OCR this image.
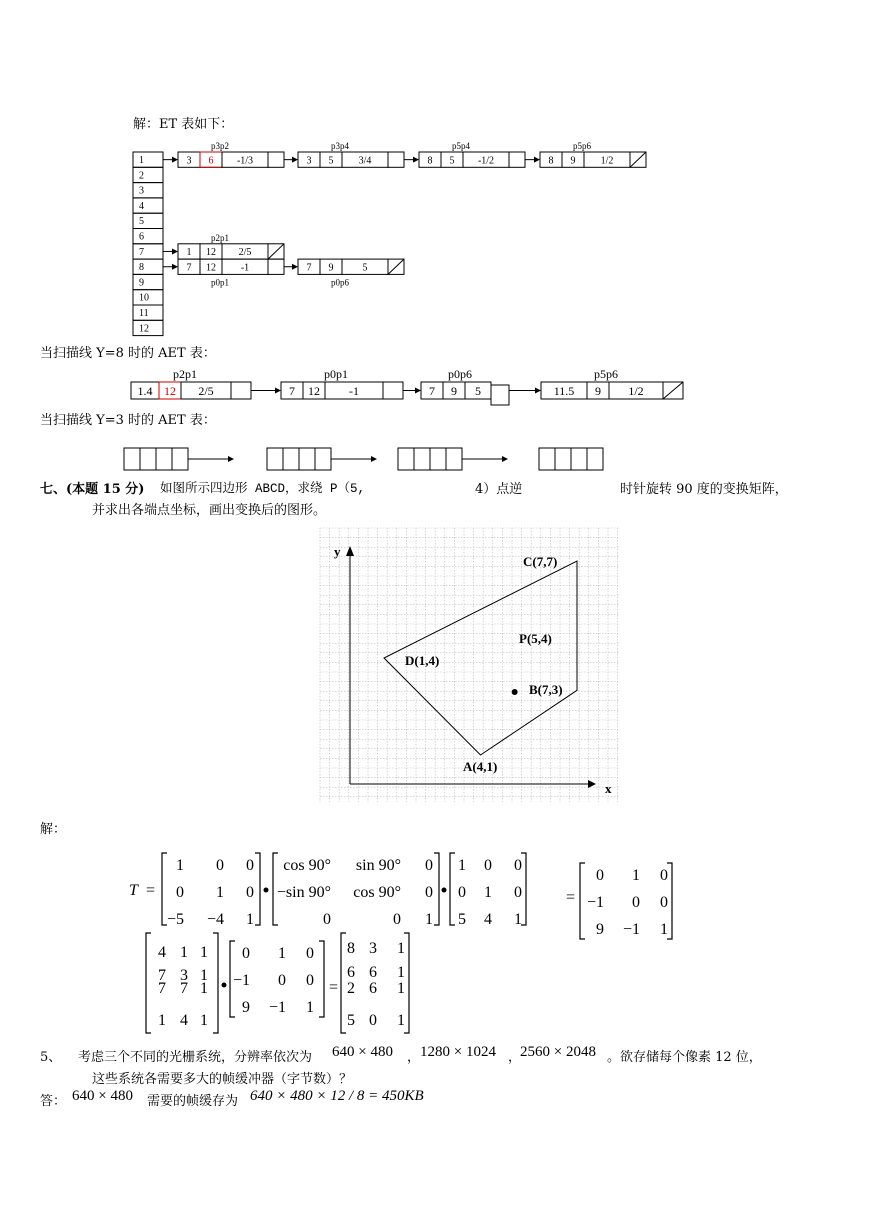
解：ET 表如下：
1
2
3
4
5
6
7
8
9
10
11
12
p3p2
3 6 -1/3
p3p4
3 5	3/4
p5p4
8 5 -1/2
p5p6
8 9	1/2
p2p1
1 12 2/5
p0p1
7 12 -1
p0p6
7 9	5
当扫描线 Y=8 时的 AET 表：
p2p1
1.4 12 2/5
p0p1
7 12 -1
p0p6
7 9 5
p5p6
11.5 9 1/2
当扫描线 Y=3 时的 AET 表：
七、(本题 15 分) 如图所示四边形 ABCD，求绕 P（5,	4）点逆	时针旋转 90 度的变换矩阵，
并求出各端点坐标，画出变换后的图形。
x
y
C(7,7)
P(5,4)
D(1,4)
B(7,3)
A(4,1)
解：
T =
1 0 0
0 1 0
−5 −4 1
cos 90° sin 90° 0
−sin 90° cos 90° 0
0	0 1
1 0 0
0 1 0
5 4 1
=
0 1 0
−1 0 0
9 −1 1
4 1 1
7 3 1
7 7 1
1 4 1
0 1 0
−1 0 0
9 −1 1
=
8 3 1
6 6 1
2 6 1
5 0 1
5、 考虑三个不同的光栅系统，分辨率依次为 640 × 480 ， 1280 × 1024 ，
2560 × 2048 。欲存储每个像素 12 位，
这些系统各需要多大的帧缓冲器（字节数）？
答： 640 × 480 需要的帧缓存为 640 × 480 × 12 / 8 = 450KB
